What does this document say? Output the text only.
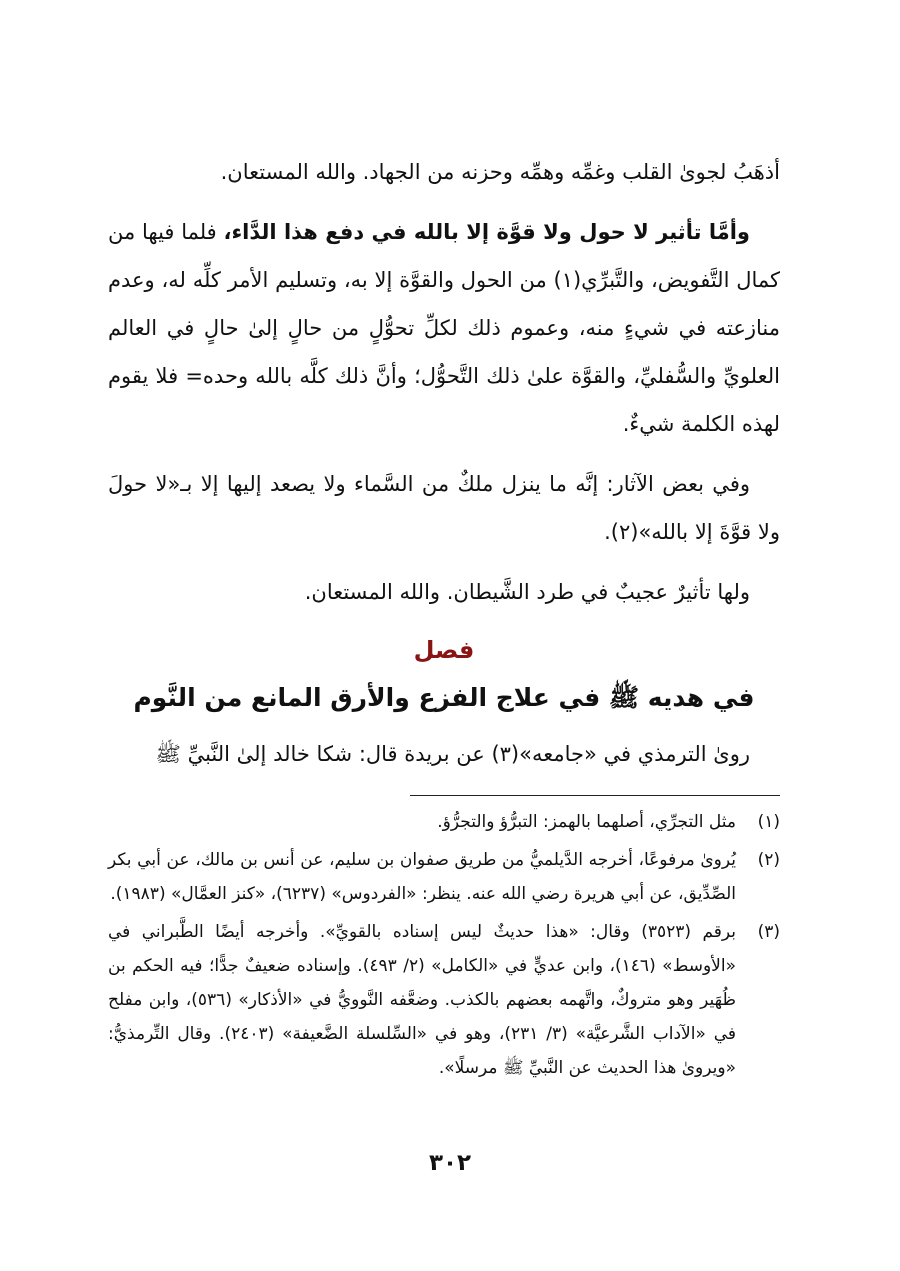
أذهَبُ لجوىٰ القلب وغمِّه وهمِّه وحزنه من الجهاد. والله المستعان.

وأمَّا تأثير لا حول ولا قوَّة إلا بالله في دفع هذا الدَّاء، فلما فيها من كمال التَّفويض، والتَّبرِّي(١) من الحول والقوَّة إلا به، وتسليم الأمر كلِّه له، وعدم منازعته في شيءٍ منه، وعموم ذلك لكلِّ تحوُّلٍ من حالٍ إلىٰ حالٍ في العالم العلويِّ والسُّفليِّ، والقوَّة علىٰ ذلك التَّحوُّل؛ وأنَّ ذلك كلَّه بالله وحده= فلا يقوم لهذه الكلمة شيءٌ.

وفي بعض الآثار: إنَّه ما ينزل ملكٌ من السَّماء ولا يصعد إليها إلا بـ«لا حولَ ولا قوَّةَ إلا بالله»(٢).

ولها تأثيرٌ عجيبٌ في طرد الشَّيطان. والله المستعان.

فصل
في هديه ﷺ في علاج الفزع والأرق المانع من النَّوم

روىٰ الترمذي في «جامعه»(٣) عن بريدة قال: شكا خالد إلىٰ النَّبيِّ ﷺ

(١)
مثل التجرِّي، أصلهما بالهمز: التبرُّؤ والتجرُّؤ.
(٢)
يُروىٰ مرفوعًا، أخرجه الدَّيلميُّ من طريق صفوان بن سليم، عن أنس بن مالك، عن أبي بكر الصِّدِّيق، عن أبي هريرة رضي الله عنه. ينظر: «الفردوس» (٦٢٣٧)، «كنز العمَّال» (١٩٨٣).
(٣)
برقم (٣٥٢٣) وقال: «هذا حديثٌ ليس إسناده بالقويِّ». وأخرجه أيضًا الطَّبراني في «الأوسط» (١٤٦)، وابن عديٍّ في «الكامل» (٢/ ٤٩٣). وإسناده ضعيفٌ جدًّا؛ فيه الحكم بن ظُهَير وهو متروكٌ، واتَّهمه بعضهم بالكذب. وضعَّفه النَّوويُّ في «الأذكار» (٥٣٦)، وابن مفلح في «الآداب الشَّرعيَّة» (٣/ ٢٣١)، وهو في «السِّلسلة الضَّعيفة» (٢٤٠٣). وقال التِّرمذيُّ: «ويروىٰ هذا الحديث عن النَّبيِّ ﷺ مرسلًا».
٣٠٢
